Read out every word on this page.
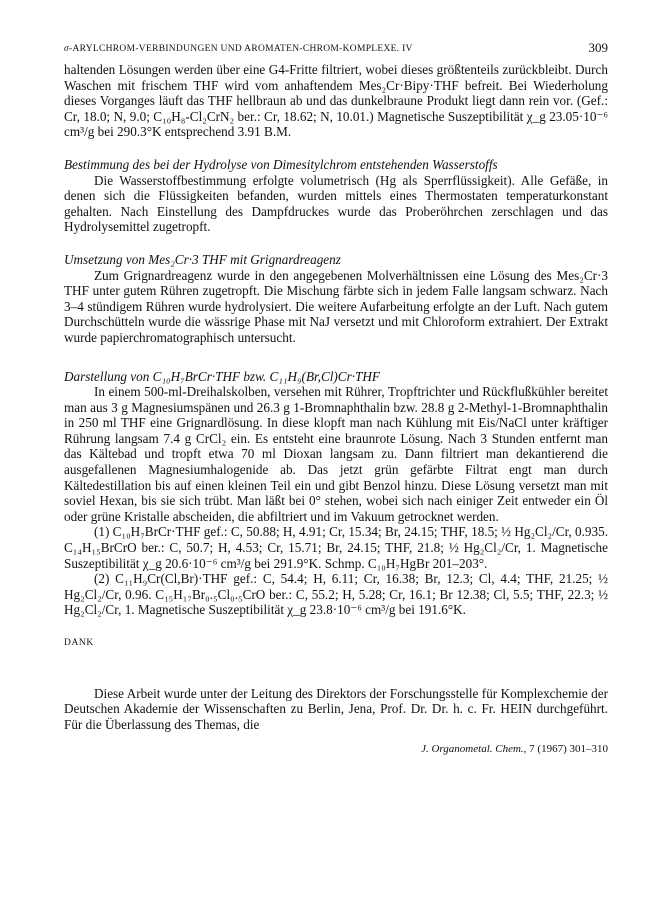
σ-ARYLCHROM-VERBINDUNGEN UND AROMATEN-CHROM-KOMPLEXE. IV	309

haltenden Lösungen werden über eine G4-Fritte filtriert, wobei dieses größtenteils zurückbleibt. Durch Waschen mit frischem THF wird vom anhaftendem Mes₂Cr·Bipy·THF befreit. Bei Wiederholung dieses Vorganges läuft das THF hellbraun ab und das dunkelbraune Produkt liegt dann rein vor. (Gef.: Cr, 18.0; N, 9.0; C₁₀H₈-Cl₂CrN₂ ber.: Cr, 18.62; N, 10.01.) Magnetische Suszeptibilität χ_g 23.05·10⁻⁶ cm³/g bei 290.3°K entsprechend 3.91 B.M.

Bestimmung des bei der Hydrolyse von Dimesitylchrom entstehenden Wasserstoffs

Die Wasserstoffbestimmung erfolgte volumetrisch (Hg als Sperrflüssigkeit). Alle Gefäße, in denen sich die Flüssigkeiten befanden, wurden mittels eines Thermostaten temperaturkonstant gehalten. Nach Einstellung des Dampfdruckes wurde das Proberöhrchen zerschlagen und das Hydrolysemittel zugetropft.

Umsetzung von Mes₂Cr·3 THF mit Grignardreagenz

Zum Grignardreagenz wurde in den angegebenen Molverhältnissen eine Lösung des Mes₂Cr·3 THF unter gutem Rühren zugetropft. Die Mischung färbte sich in jedem Falle langsam schwarz. Nach 3–4 stündigem Rühren wurde hydrolysiert. Die weitere Aufarbeitung erfolgte an der Luft. Nach gutem Durchschütteln wurde die wässrige Phase mit NaJ versetzt und mit Chloroform extrahiert. Der Extrakt wurde papierchromatographisch untersucht.

Darstellung von C₁₀H₇BrCr·THF bzw. C₁₁H₉(Br,Cl)Cr·THF

In einem 500-ml-Dreihalskolben, versehen mit Rührer, Tropftrichter und Rückflußkühler bereitet man aus 3 g Magnesiumspänen und 26.3 g 1-Bromnaphthalin bzw. 28.8 g 2-Methyl-1-Bromnaphthalin in 250 ml THF eine Grignardlösung. In diese klopft man nach Kühlung mit Eis/NaCl unter kräftiger Rührung langsam 7.4 g CrCl₂ ein. Es entsteht eine braunrote Lösung. Nach 3 Stunden entfernt man das Kältebad und tropft etwa 70 ml Dioxan langsam zu. Dann filtriert man dekantierend die ausgefallenen Magnesiumhalogenide ab. Das jetzt grün gefärbte Filtrat engt man durch Kältedestillation bis auf einen kleinen Teil ein und gibt Benzol hinzu. Diese Lösung versetzt man mit soviel Hexan, bis sie sich trübt. Man läßt bei 0° stehen, wobei sich nach einiger Zeit entweder ein Öl oder grüne Kristalle abscheiden, die abfiltriert und im Vakuum getrocknet werden.

(1) C₁₀H₇BrCr·THF gef.: C, 50.88; H, 4.91; Cr, 15.34; Br, 24.15; THF, 18.5; ½ Hg₂Cl₂/Cr, 0.935. C₁₄H₁₅BrCrO ber.: C, 50.7; H, 4.53; Cr, 15.71; Br, 24.15; THF, 21.8; ½ Hg₂Cl₂/Cr, 1. Magnetische Suszeptibilität χ_g 20.6·10⁻⁶ cm³/g bei 291.9°K. Schmp. C₁₀H₇HgBr 201–203°.

(2) C₁₁H₉Cr(Cl,Br)·THF gef.: C, 54.4; H, 6.11; Cr, 16.38; Br, 12.3; Cl, 4.4; THF, 21.25; ½ Hg₂Cl₂/Cr, 0.96. C₁₅H₁₇Br₀.₅Cl₀.₅CrO ber.: C, 55.2; H, 5.28; Cr, 16.1; Br 12.38; Cl, 5.5; THF, 22.3; ½ Hg₂Cl₂/Cr, 1. Magnetische Suszeptibilität χ_g 23.8·10⁻⁶ cm³/g bei 191.6°K.

DANK

Diese Arbeit wurde unter der Leitung des Direktors der Forschungsstelle für Komplexchemie der Deutschen Akademie der Wissenschaften zu Berlin, Jena, Prof. Dr. Dr. h. c. Fr. HEIN durchgeführt. Für die Überlassung des Themas, die

J. Organometal. Chem., 7 (1967) 301–310
